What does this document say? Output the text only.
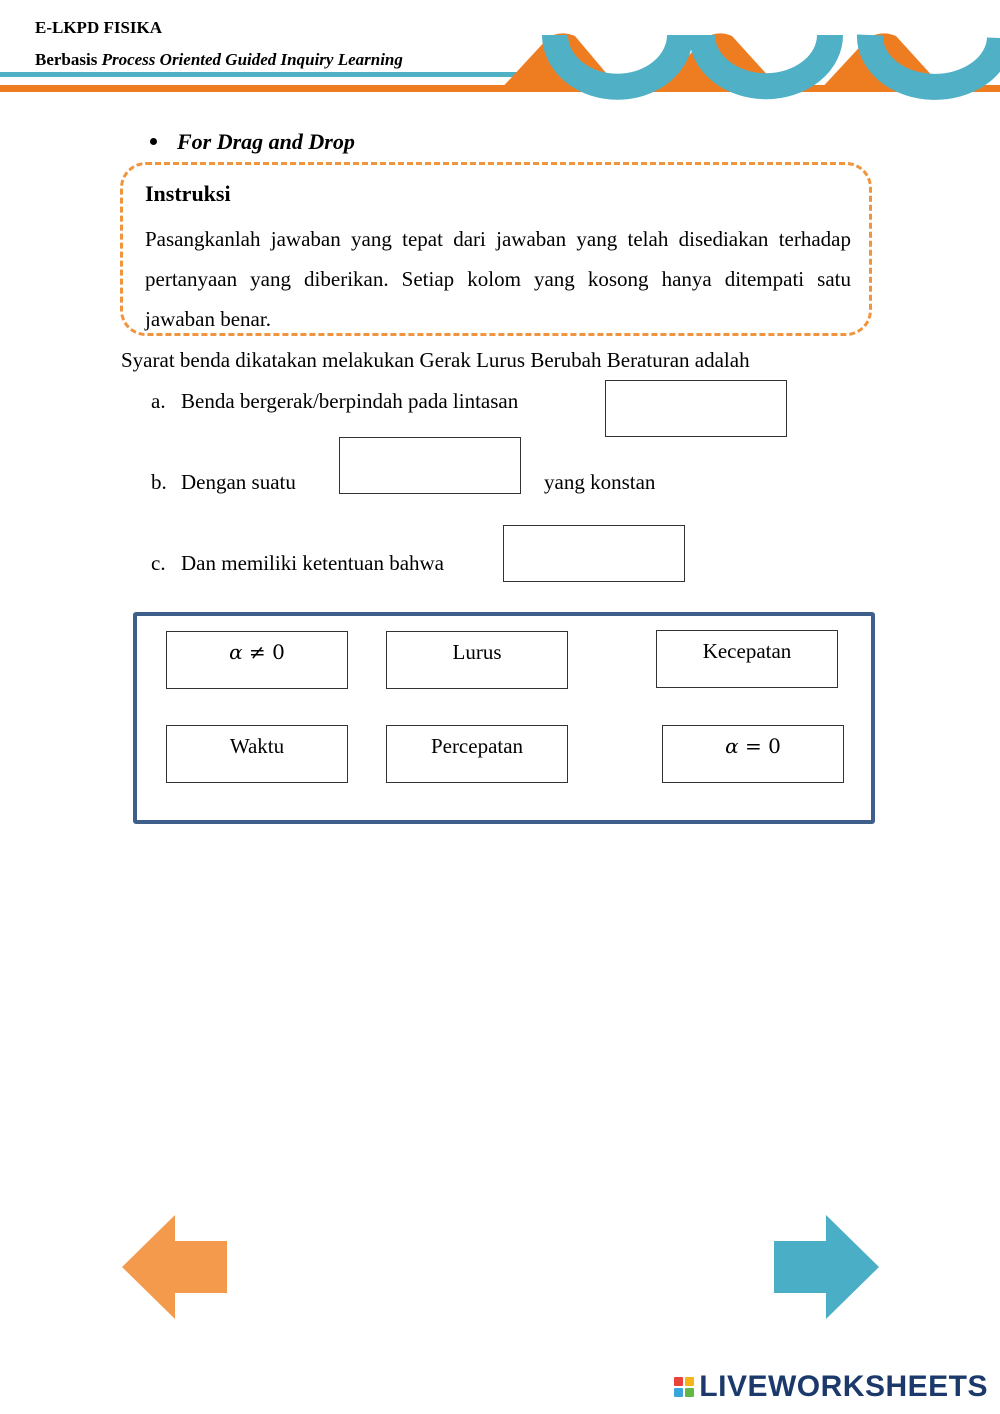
E-LKPD FISIKA
Berbasis Process Oriented Guided Inquiry Learning
For Drag and Drop
Instruksi
Pasangkanlah jawaban yang tepat dari jawaban yang telah disediakan terhadap pertanyaan yang diberikan. Setiap kolom yang kosong hanya ditempati satu jawaban benar.
Syarat benda dikatakan melakukan Gerak Lurus Berubah Beraturan adalah
a. Benda bergerak/berpindah pada lintasan
b. Dengan suatu	yang konstan
c. Dan memiliki ketentuan bahwa
α ≠ 0	Lurus	Kecepatan
Waktu	Percepatan	α = 0
LIVEWORKSHEETS
